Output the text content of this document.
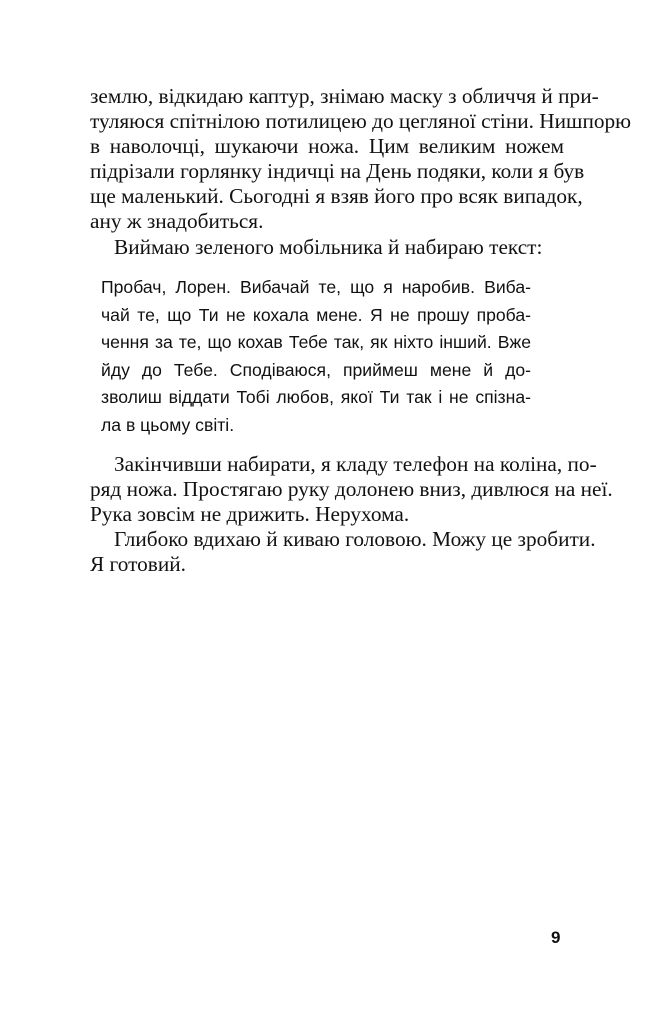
землю, відкидаю каптур, знімаю маску з обличчя й при-
туляюся спітнілою потилицею до цегляної стіни. Нишпорю
в наволочці, шукаючи ножа. Цим великим ножем
підрізали горлянку індичці на День подяки, коли я був
ще маленький. Сьогодні я взяв його про всяк випадок,
ану ж знадобиться.
Виймаю зеленого мобільника й набираю текст:
Пробач, Лорен. Вибачай те, що я наробив. Виба-
чай те, що Ти не кохала мене. Я не прошу проба-
чення за те, що кохав Тебе так, як ніхто інший. Вже
йду до Тебе. Сподіваюся, приймеш мене й до-
зволиш віддати Тобі любов, якої Ти так і не спізна-
ла в цьому світі.
Закінчивши набирати, я кладу телефон на коліна, по-
ряд ножа. Простягаю руку долонею вниз, дивлюся на неї.
Рука зовсім не дрижить. Нерухома.
Глибоко вдихаю й киваю головою. Можу це зробити.
Я готовий.
9
